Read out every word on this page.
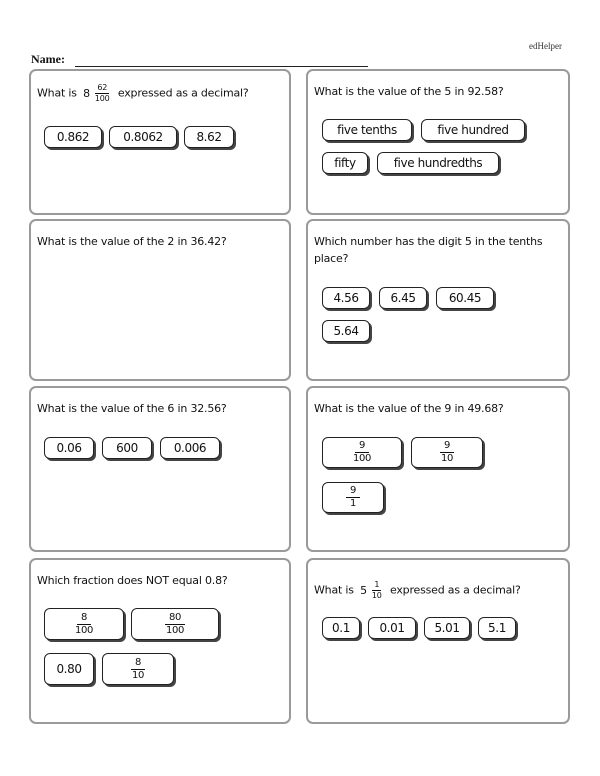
edHelper
Name:
What is $8 \frac{62}{100}$ expressed as a decimal?
0.862	0.8062	8.62
What is the value of the 5 in 92.58?
five tenths	five hundred
fifty	five hundredths
What is the value of the 2 in 36.42?	Which number has the digit 5 in the tenths place?
4.56	6.45	60.45
5.64
What is the value of the 6 in 32.56?
0.06	600	0.006
What is the value of the 9 in 49.68?
$\frac{9}{100}$	$\frac{9}{10}$
$\frac{9}{1}$
Which fraction does NOT equal 0.8?
$\frac{8}{100}$	$\frac{80}{100}$
0.80	$\frac{8}{10}$
What is $5 \frac{1}{10}$ expressed as a decimal?
0.1	0.01	5.01	5.1
